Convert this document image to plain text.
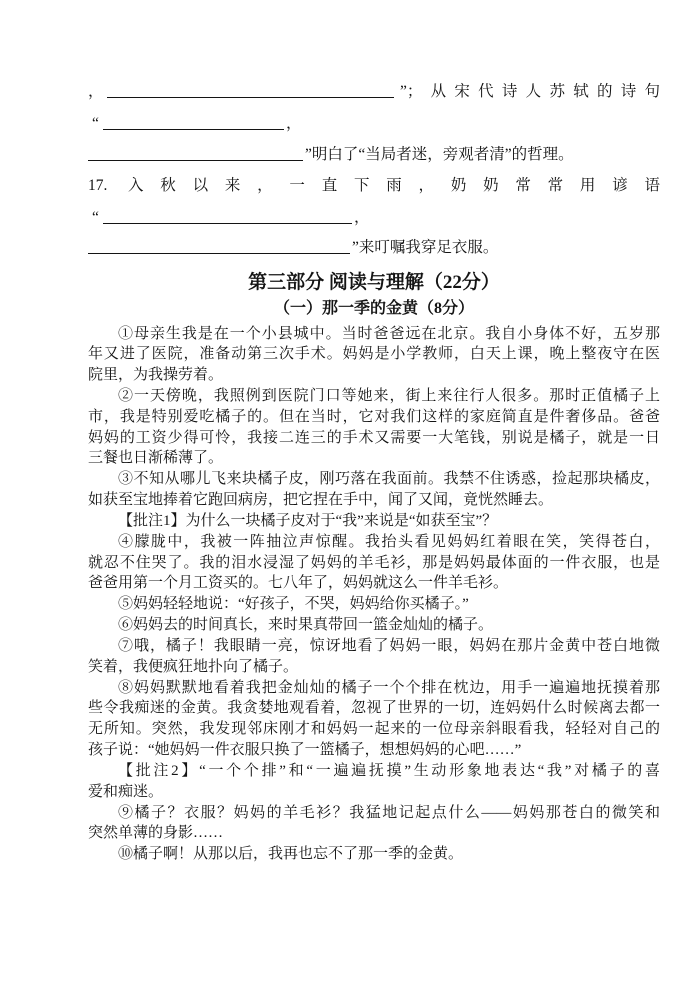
，	”；从宋代诗人苏轼的诗句
“	，
”明白了“当局者迷，旁观者清”的哲理。
17. 入秋以来，一直下雨，奶奶常常用谚语
“	，
”来叮嘱我穿足衣服。
第三部分 阅读与理解（22分）
（一）那一季的金黄（8分）
①母亲生我是在一个小县城中。当时爸爸远在北京。我自小身体不好，五岁那
年又进了医院，准备动第三次手术。妈妈是小学教师，白天上课，晚上整夜守在医
院里，为我操劳着。
②一天傍晚，我照例到医院门口等她来，街上来往行人很多。那时正值橘子上
市，我是特别爱吃橘子的。但在当时，它对我们这样的家庭简直是件奢侈品。爸爸
妈妈的工资少得可怜，我接二连三的手术又需要一大笔钱，别说是橘子，就是一日
三餐也日渐稀薄了。
③不知从哪儿飞来块橘子皮，刚巧落在我面前。我禁不住诱惑，捡起那块橘皮，
如获至宝地捧着它跑回病房，把它捏在手中，闻了又闻，竟恍然睡去。
【批注1】为什么一块橘子皮对于“我”来说是“如获至宝”？
④朦胧中，我被一阵抽泣声惊醒。我抬头看见妈妈红着眼在笑，笑得苍白，
就忍不住哭了。我的泪水浸湿了妈妈的羊毛衫，那是妈妈最体面的一件衣服，也是
爸爸用第一个月工资买的。七八年了，妈妈就这么一件羊毛衫。
⑤妈妈轻轻地说：“好孩子，不哭，妈妈给你买橘子。”
⑥妈妈去的时间真长，来时果真带回一篮金灿灿的橘子。
⑦哦，橘子！我眼睛一亮，惊讶地看了妈妈一眼，妈妈在那片金黄中苍白地微
笑着，我便疯狂地扑向了橘子。
⑧妈妈默默地看着我把金灿灿的橘子一个个排在枕边，用手一遍遍地抚摸着那
些令我痴迷的金黄。我贪婪地观看着，忽视了世界的一切，连妈妈什么时候离去都一
无所知。突然，我发现邻床刚才和妈妈一起来的一位母亲斜眼看我，轻轻对自己的
孩子说：“她妈妈一件衣服只换了一篮橘子，想想妈妈的心吧……”
【批注2】“一个个排”和“一遍遍抚摸”生动形象地表达“我”对橘子的喜
爱和痴迷。
⑨橘子？衣服？妈妈的羊毛衫？我猛地记起点什么——妈妈那苍白的微笑和
突然单薄的身影……
⑩橘子啊！从那以后，我再也忘不了那一季的金黄。
